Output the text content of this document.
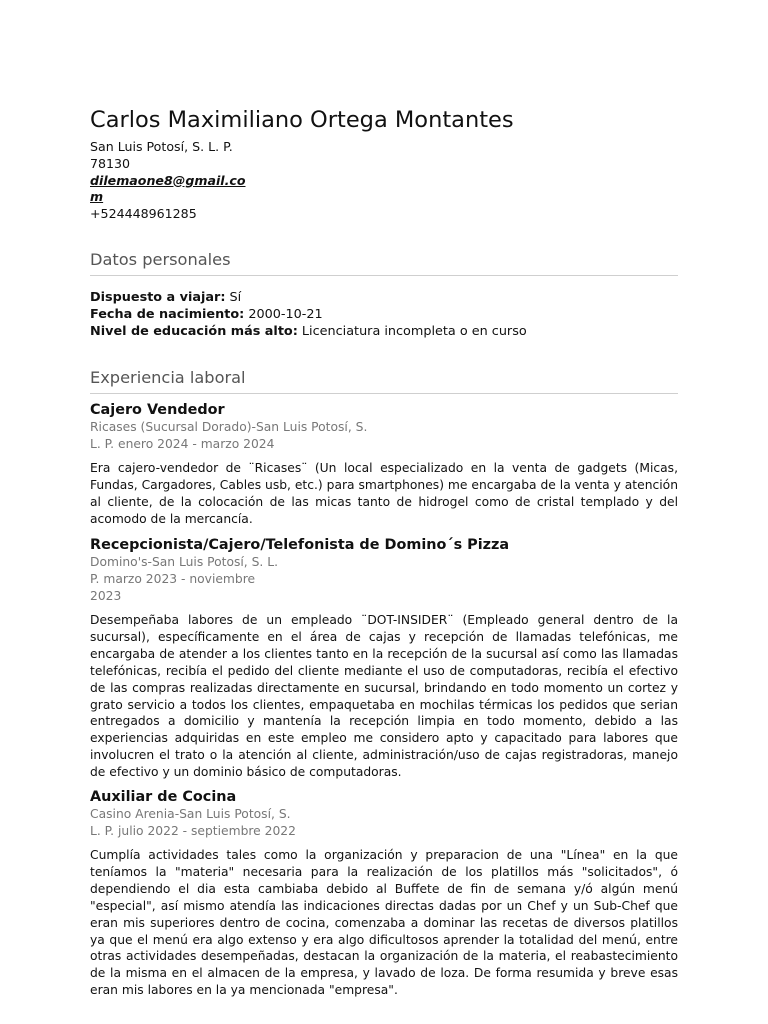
Carlos Maximiliano Ortega Montantes
San Luis Potosí, S. L. P.
78130
dilemaone8@gmail.com
+524448961285
Datos personales
Dispuesto a viajar: Sí
Fecha de nacimiento: 2000-10-21
Nivel de educación más alto: Licenciatura incompleta o en curso
Experiencia laboral
Cajero Vendedor
Ricases (Sucursal Dorado)-San Luis Potosí, S. L. P. enero 2024 - marzo 2024

Era cajero-vendedor de ¨Ricases¨ (Un local especializado en la venta de gadgets (Micas, Fundas, Cargadores, Cables usb, etc.) para smartphones) me encargaba de la venta y atención al cliente, de la colocación de las micas tanto de hidrogel como de cristal templado y del acomodo de la mercancía.

Recepcionista/Cajero/Telefonista de Domino´s Pizza
Domino's-San Luis Potosí, S. L. P. marzo 2023 - noviembre 2023

Desempeñaba labores de un empleado ¨DOT-INSIDER¨ (Empleado general dentro de la sucursal), específicamente en el área de cajas y recepción de llamadas telefónicas, me encargaba de atender a los clientes tanto en la recepción de la sucursal así como las llamadas telefónicas, recibía el pedido del cliente mediante el uso de computadoras, recibía el efectivo de las compras realizadas directamente en sucursal, brindando en todo momento un cortez y grato servicio a todos los clientes, empaquetaba en mochilas térmicas los pedidos que serian entregados a domicilio y mantenía la recepción limpia en todo momento, debido a las experiencias adquiridas en este empleo me considero apto y capacitado para labores que involucren el trato o la atención al cliente, administración/uso de cajas registradoras, manejo de efectivo y un dominio básico de computadoras.

Auxiliar de Cocina
Casino Arenia-San Luis Potosí, S. L. P. julio 2022 - septiembre 2022

Cumplía actividades tales como la organización y preparacion de una "Línea" en la que teníamos la "materia" necesaria para la realización de los platillos más "solicitados", ó dependiendo el dia esta cambiaba debido al Buffete de fin de semana y/ó algún menú "especial", así mismo atendía las indicaciones directas dadas por un Chef y un Sub-Chef que eran mis superiores dentro de cocina, comenzaba a dominar las recetas de diversos platillos ya que el menú era algo extenso y era algo dificultosos aprender la totalidad del menú, entre otras actividades desempeñadas, destacan la organización de la materia, el reabastecimiento de la misma en el almacen de la empresa, y lavado de loza. De forma resumida y breve esas eran mis labores en la ya mencionada "empresa".
